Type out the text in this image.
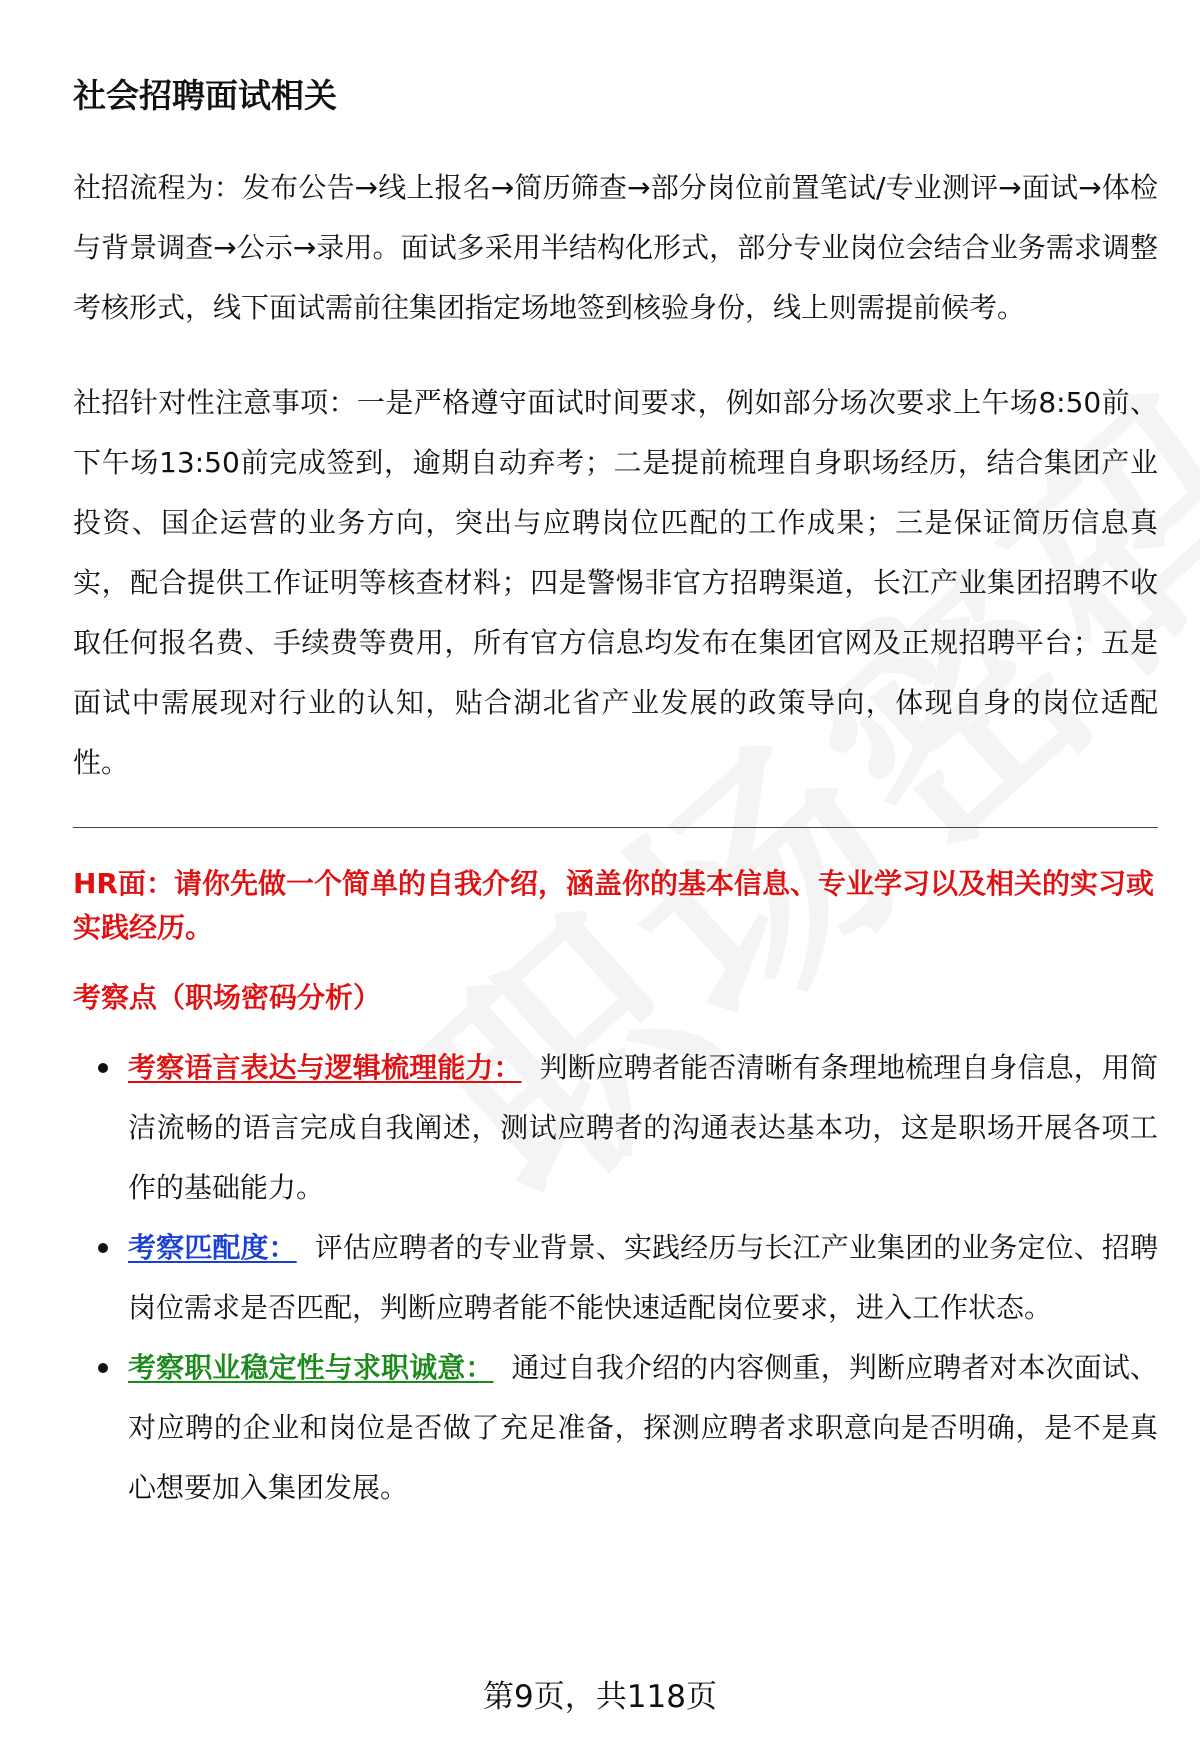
社会招聘面试相关

社招流程为：发布公告→线上报名→简历筛查→部分岗位前置笔试/专业测评→面试→体检与背景调查→公示→录用。面试多采用半结构化形式，部分专业岗位会结合业务需求调整考核形式，线下面试需前往集团指定场地签到核验身份，线上则需提前候考。

社招针对性注意事项：一是严格遵守面试时间要求，例如部分场次要求上午场8:50前、下午场13:50前完成签到，逾期自动弃考；二是提前梳理自身职场经历，结合集团产业投资、国企运营的业务方向，突出与应聘岗位匹配的工作成果；三是保证简历信息真实，配合提供工作证明等核查材料；四是警惕非官方招聘渠道，长江产业集团招聘不收取任何报名费、手续费等费用，所有官方信息均发布在集团官网及正规招聘平台；五是面试中需展现对行业的认知，贴合湖北省产业发展的政策导向，体现自身的岗位适配性。

HR面：请你先做一个简单的自我介绍，涵盖你的基本信息、专业学习以及相关的实习或实践经历。

考察点（职场密码分析）

考察语言表达与逻辑梳理能力： 判断应聘者能否清晰有条理地梳理自身信息，用简洁流畅的语言完成自我阐述，测试应聘者的沟通表达基本功，这是职场开展各项工作的基础能力。
考察匹配度： 评估应聘者的专业背景、实践经历与长江产业集团的业务定位、招聘岗位需求是否匹配，判断应聘者能不能快速适配岗位要求，进入工作状态。
考察职业稳定性与求职诚意： 通过自我介绍的内容侧重，判断应聘者对本次面试、对应聘的企业和岗位是否做了充足准备，探测应聘者求职意向是否明确，是不是真心想要加入集团发展。
第9页，共118页
